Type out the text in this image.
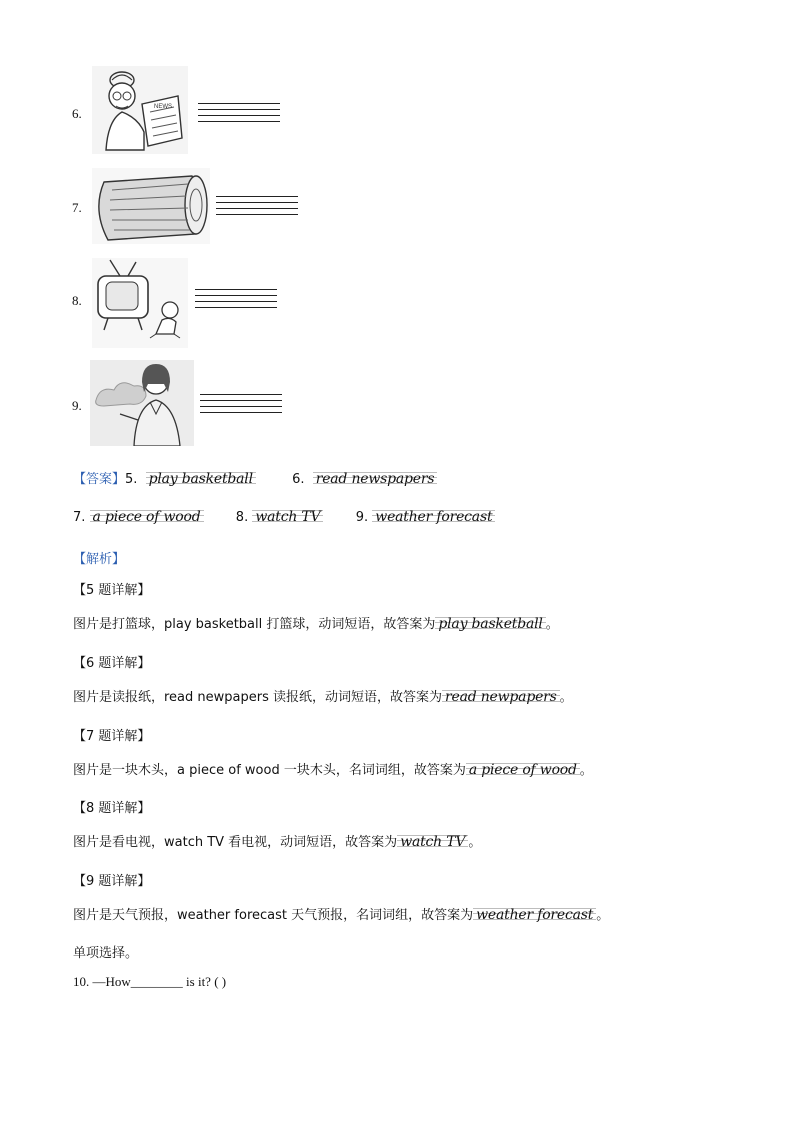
6.	NEWS
7.
8.
9.
【答案】5. play basketball	6. read newspapers
7. a piece of wood	8. watch TV	9. weather forecast
【解析】
【5 题详解】
图片是打篮球，play basketball 打篮球，动词短语，故答案为 play basketball 。
【6 题详解】
图片是读报纸，read newpapers 读报纸，动词短语，故答案为 read newpapers 。
【7 题详解】
图片是一块木头，a piece of wood 一块木头，名词词组，故答案为 a piece of wood 。
【8 题详解】
图片是看电视，watch TV 看电视，动词短语，故答案为 watch TV 。
【9 题详解】
图片是天气预报，weather forecast 天气预报，名词词组，故答案为 weather forecast 。
单项选择。
10. —How________ is it? ( )
